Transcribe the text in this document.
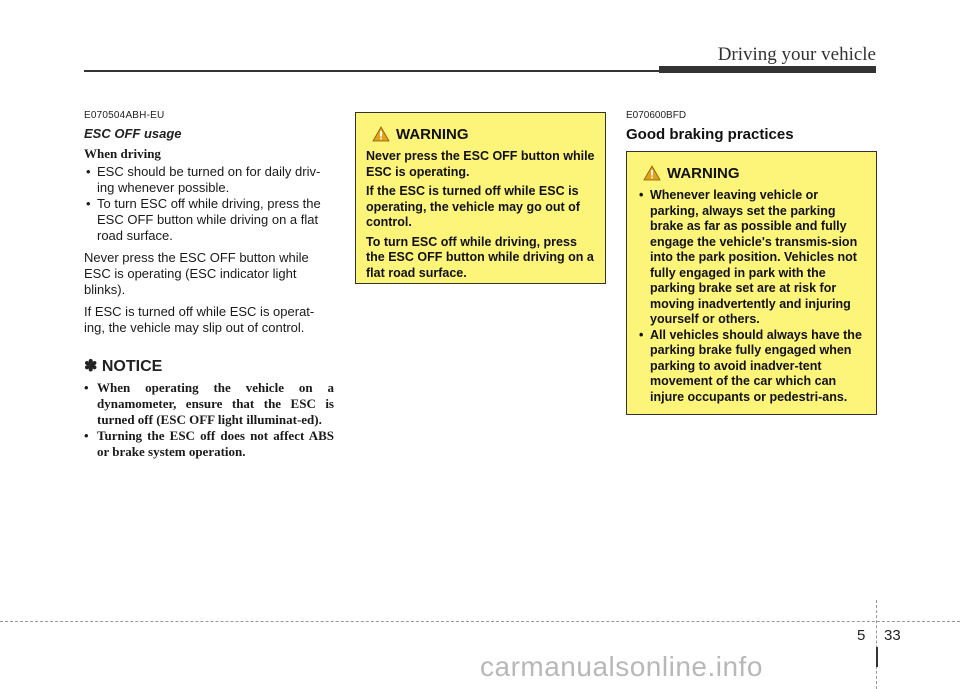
Driving your vehicle
E070504ABH-EU
ESC OFF usage
When driving
• ESC should be turned on for daily driv-ing whenever possible.
• To turn ESC off while driving, press the ESC OFF button while driving on a flat road surface.
Never press the ESC OFF button while ESC is operating (ESC indicator light blinks).
If ESC is turned off while ESC is operat-ing, the vehicle may slip out of control.
✽ NOTICE
• When operating the vehicle on a dynamometer, ensure that the ESC is turned off (ESC OFF light illuminat-ed).
• Turning the ESC off does not affect ABS or brake system operation.
WARNING

Never press the ESC OFF button while ESC is operating.

If the ESC is turned off while ESC is operating, the vehicle may go out of control.

To turn ESC off while driving, press the ESC OFF button while driving on a flat road surface.

E070600BFD
Good braking practices
WARNING
• Whenever leaving vehicle or parking, always set the parking brake as far as possible and fully engage the vehicle's transmis-sion into the park position. Vehicles not fully engaged in park with the parking brake set are at risk for moving inadvertently and injuring yourself or others.
• All vehicles should always have the parking brake fully engaged when parking to avoid inadver-tent movement of the car which can injure occupants or pedestri-ans.
5 33
carmanualsonline.info
